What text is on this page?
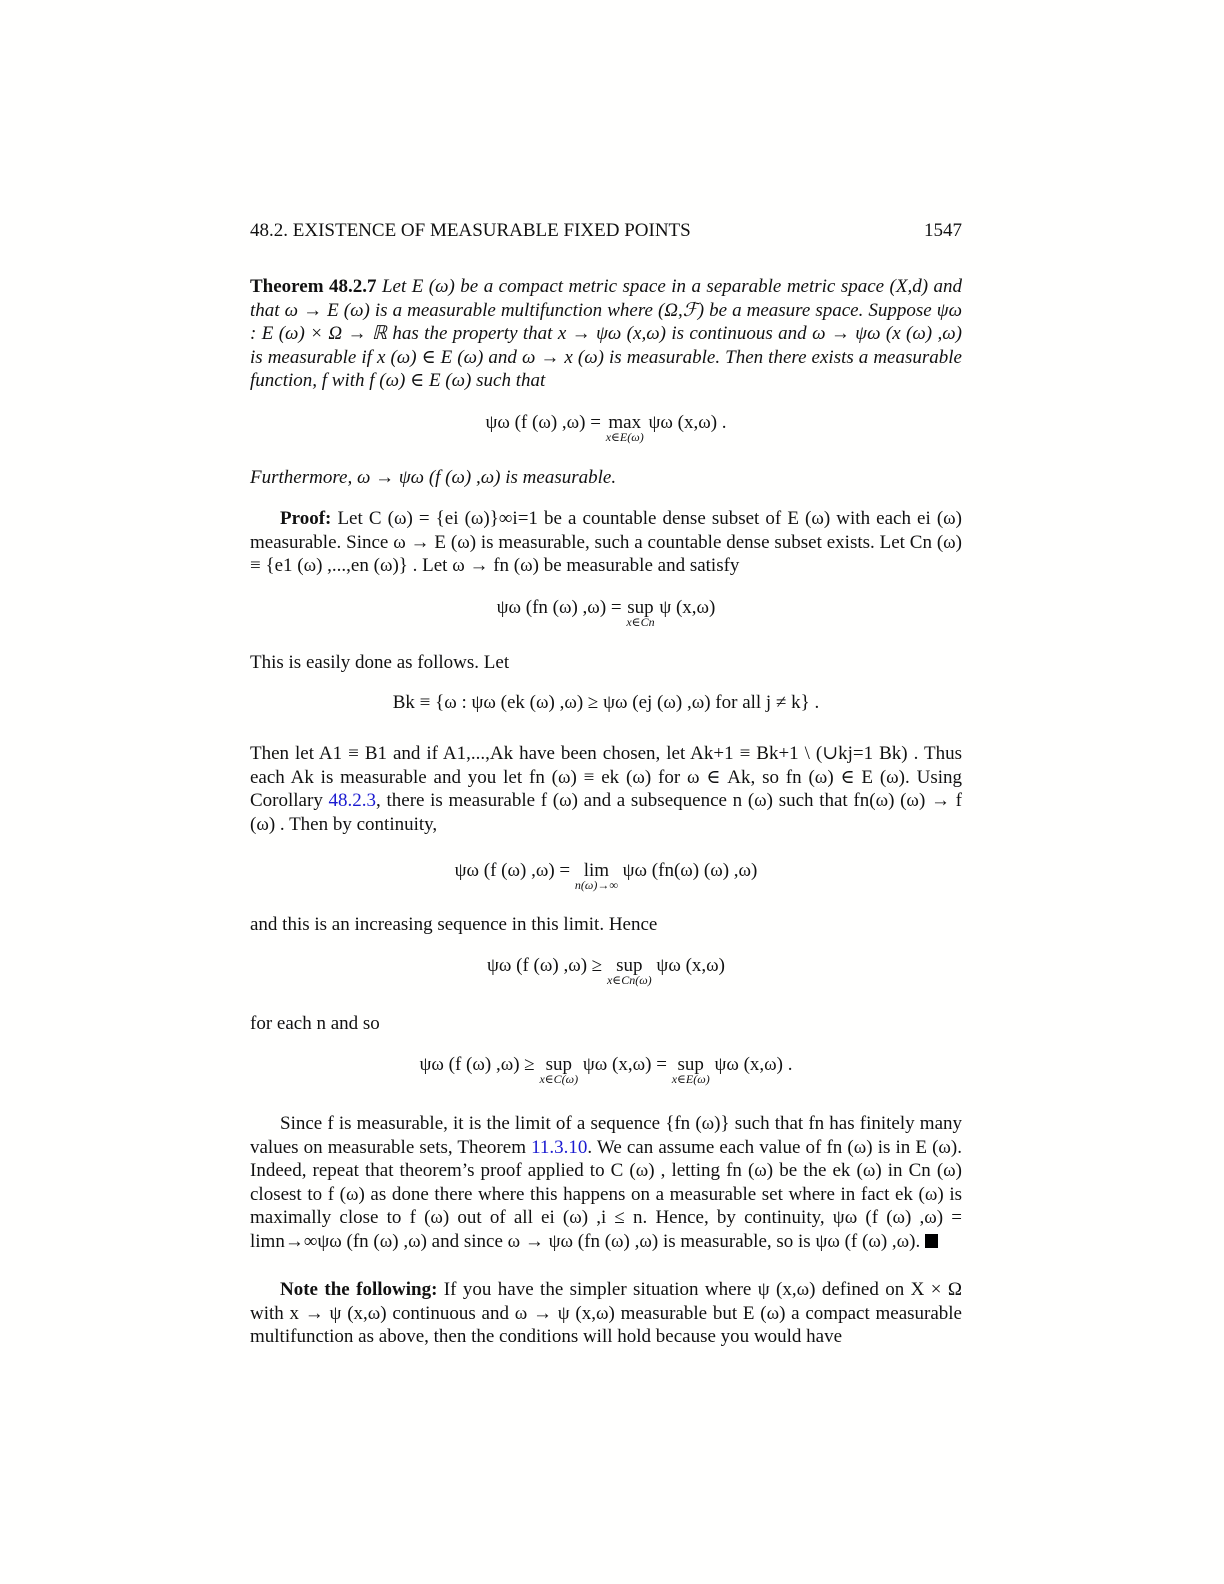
48.2. EXISTENCE OF MEASURABLE FIXED POINTS	1547
Theorem 48.2.7 Let E (ω) be a compact metric space in a separable metric space (X,d) and that ω → E (ω) is a measurable multifunction where (Ω,ℱ) be a measure space. Suppose ψω : E (ω) × Ω → ℝ has the property that x → ψω (x,ω) is continuous and ω → ψω (x (ω) ,ω) is measurable if x (ω) ∈ E (ω) and ω → x (ω) is measurable. Then there exists a measurable function, f with f (ω) ∈ E (ω) such that
ψω (f (ω) ,ω) = max
x∈E(ω)
ψω (x,ω) .
Furthermore, ω → ψω (f (ω) ,ω) is measurable.
Proof: Let C (ω) = {ei (ω)}∞i=1 be a countable dense subset of E (ω) with each ei (ω) measurable. Since ω → E (ω) is measurable, such a countable dense subset exists. Let Cn (ω) ≡ {e1 (ω) ,...,en (ω)} . Let ω → fn (ω) be measurable and satisfy
ψω (fn (ω) ,ω) = sup
x∈Cn
ψ (x,ω)
This is easily done as follows. Let
Bk ≡ {ω : ψω (ek (ω) ,ω) ≥ ψω (ej (ω) ,ω) for all j ≠ k} .
Then let A1 ≡ B1 and if A1,...,Ak have been chosen, let Ak+1 ≡ Bk+1 \ (∪kj=1 Bk) . Thus each Ak is measurable and you let fn (ω) ≡ ek (ω) for ω ∈ Ak, so fn (ω) ∈ E (ω). Using Corollary 48.2.3, there is measurable f (ω) and a subsequence n (ω) such that fn(ω) (ω) → f (ω) . Then by continuity,
ψω (f (ω) ,ω) = lim
n(ω)→∞
ψω (fn(ω) (ω) ,ω)
and this is an increasing sequence in this limit. Hence
ψω (f (ω) ,ω) ≥ sup
x∈Cn(ω)
ψω (x,ω)
for each n and so
ψω (f (ω) ,ω) ≥ sup
x∈C(ω)
ψω (x,ω) = sup
x∈E(ω)
ψω (x,ω) .
Since f is measurable, it is the limit of a sequence {fn (ω)} such that fn has finitely many values on measurable sets, Theorem 11.3.10. We can assume each value of fn (ω) is in E (ω). Indeed, repeat that theorem’s proof applied to C (ω) , letting fn (ω) be the ek (ω) in Cn (ω) closest to f (ω) as done there where this happens on a measurable set where in fact ek (ω) is maximally close to f (ω) out of all ei (ω) ,i ≤ n. Hence, by continuity, ψω (f (ω) ,ω) = limn→∞ψω (fn (ω) ,ω) and since ω → ψω (fn (ω) ,ω) is measurable, so is ψω (f (ω) ,ω).
Note the following: If you have the simpler situation where ψ (x,ω) defined on X × Ω with x → ψ (x,ω) continuous and ω → ψ (x,ω) measurable but E (ω) a compact measurable multifunction as above, then the conditions will hold because you would have
